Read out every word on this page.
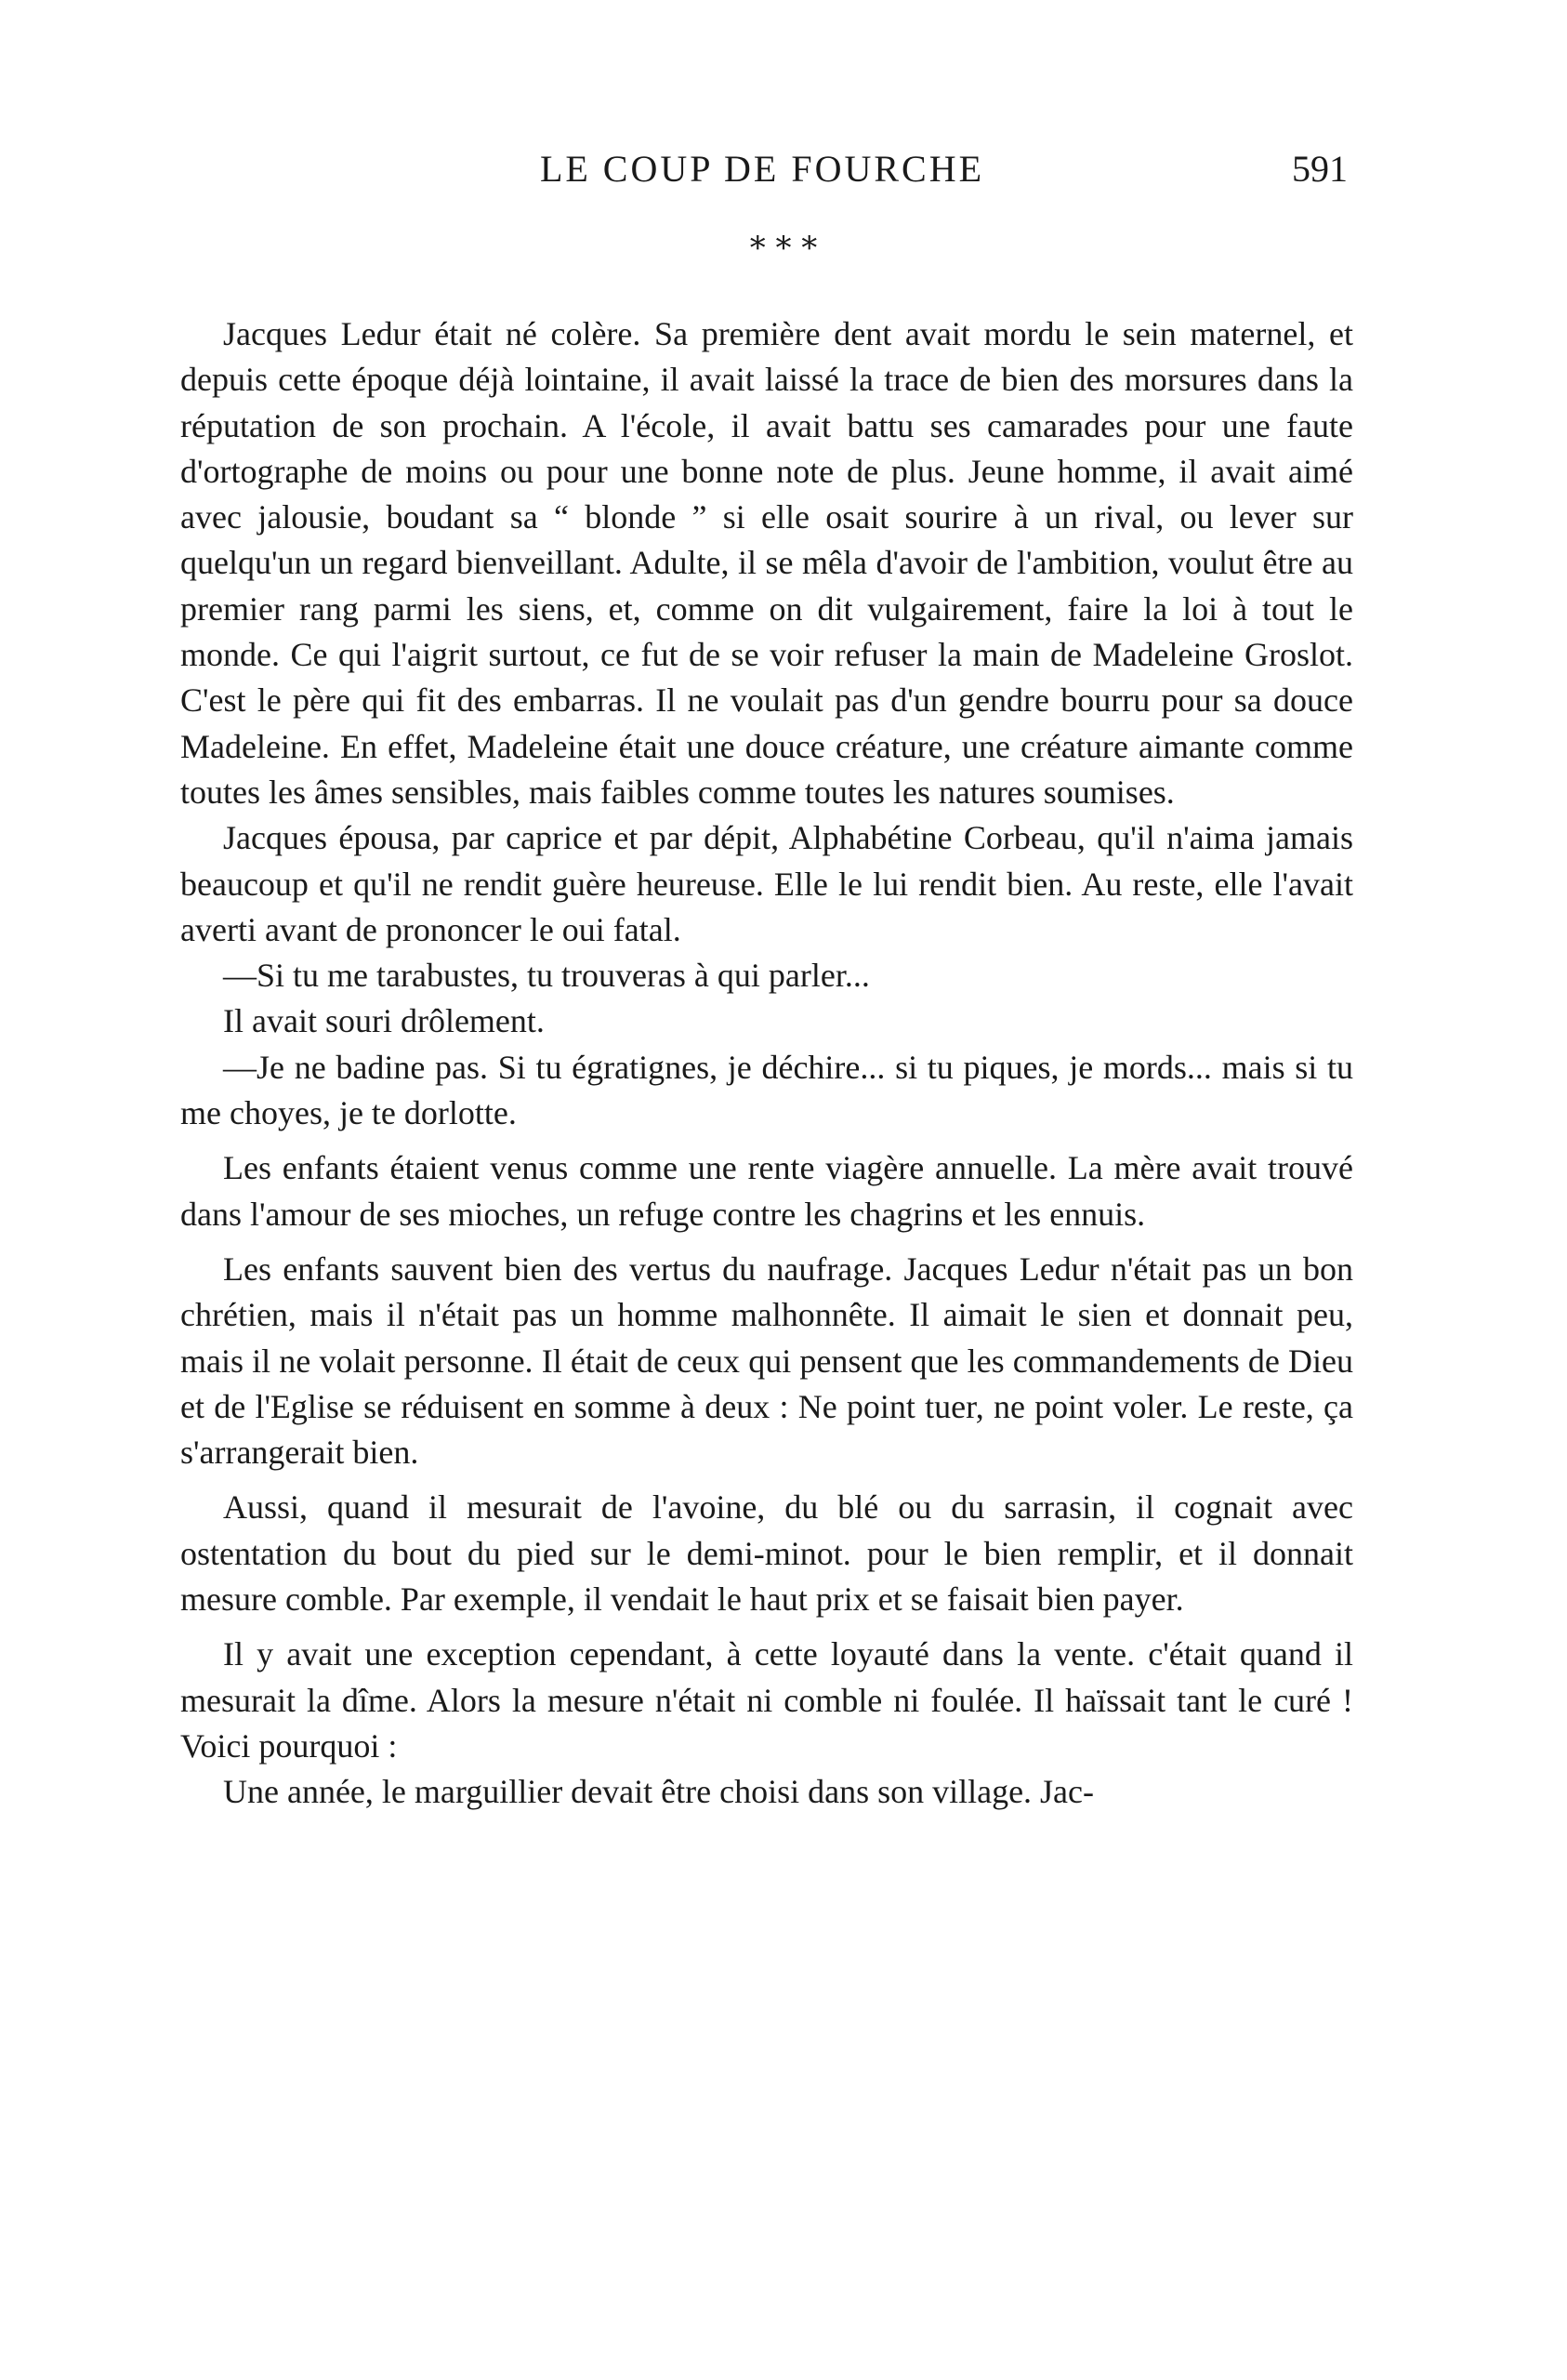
LE COUP DE FOURCHE	591
* * *

Jacques Ledur était né colère. Sa première dent avait mordu le sein maternel, et depuis cette époque déjà lointaine, il avait laissé la trace de bien des morsures dans la réputation de son prochain. A l'école, il avait battu ses camarades pour une faute d'ortographe de moins ou pour une bonne note de plus. Jeune homme, il avait aimé avec jalousie, boudant sa “ blonde ” si elle osait sourire à un rival, ou lever sur quelqu'un un regard bienveillant. Adulte, il se mêla d'avoir de l'ambition, voulut être au premier rang parmi les siens, et, comme on dit vulgairement, faire la loi à tout le monde. Ce qui l'aigrit surtout, ce fut de se voir refuser la main de Madeleine Groslot. C'est le père qui fit des embarras. Il ne voulait pas d'un gendre bourru pour sa douce Madeleine. En effet, Madeleine était une douce créature, une créature aimante comme toutes les âmes sensibles, mais faibles comme toutes les natures soumises.

Jacques épousa, par caprice et par dépit, Alphabétine Corbeau, qu'il n'aima jamais beaucoup et qu'il ne rendit guère heureuse. Elle le lui rendit bien. Au reste, elle l'avait averti avant de prononcer le oui fatal.

—Si tu me tarabustes, tu trouveras à qui parler...

Il avait souri drôlement.

—Je ne badine pas. Si tu égratignes, je déchire... si tu piques, je mords... mais si tu me choyes, je te dorlotte.

Les enfants étaient venus comme une rente viagère annuelle. La mère avait trouvé dans l'amour de ses mioches, un refuge contre les chagrins et les ennuis.

Les enfants sauvent bien des vertus du naufrage. Jacques Ledur n'était pas un bon chrétien, mais il n'était pas un homme malhonnête. Il aimait le sien et donnait peu, mais il ne volait personne. Il était de ceux qui pensent que les commandements de Dieu et de l'Eglise se réduisent en somme à deux : Ne point tuer, ne point voler. Le reste, ça s'arrangerait bien.

Aussi, quand il mesurait de l'avoine, du blé ou du sarrasin, il cognait avec ostentation du bout du pied sur le demi-minot. pour le bien remplir, et il donnait mesure comble. Par exemple, il vendait le haut prix et se faisait bien payer.

Il y avait une exception cependant, à cette loyauté dans la vente. c'était quand il mesurait la dîme. Alors la mesure n'était ni comble ni foulée. Il haïssait tant le curé ! Voici pourquoi :

Une année, le marguillier devait être choisi dans son village. Jac-
